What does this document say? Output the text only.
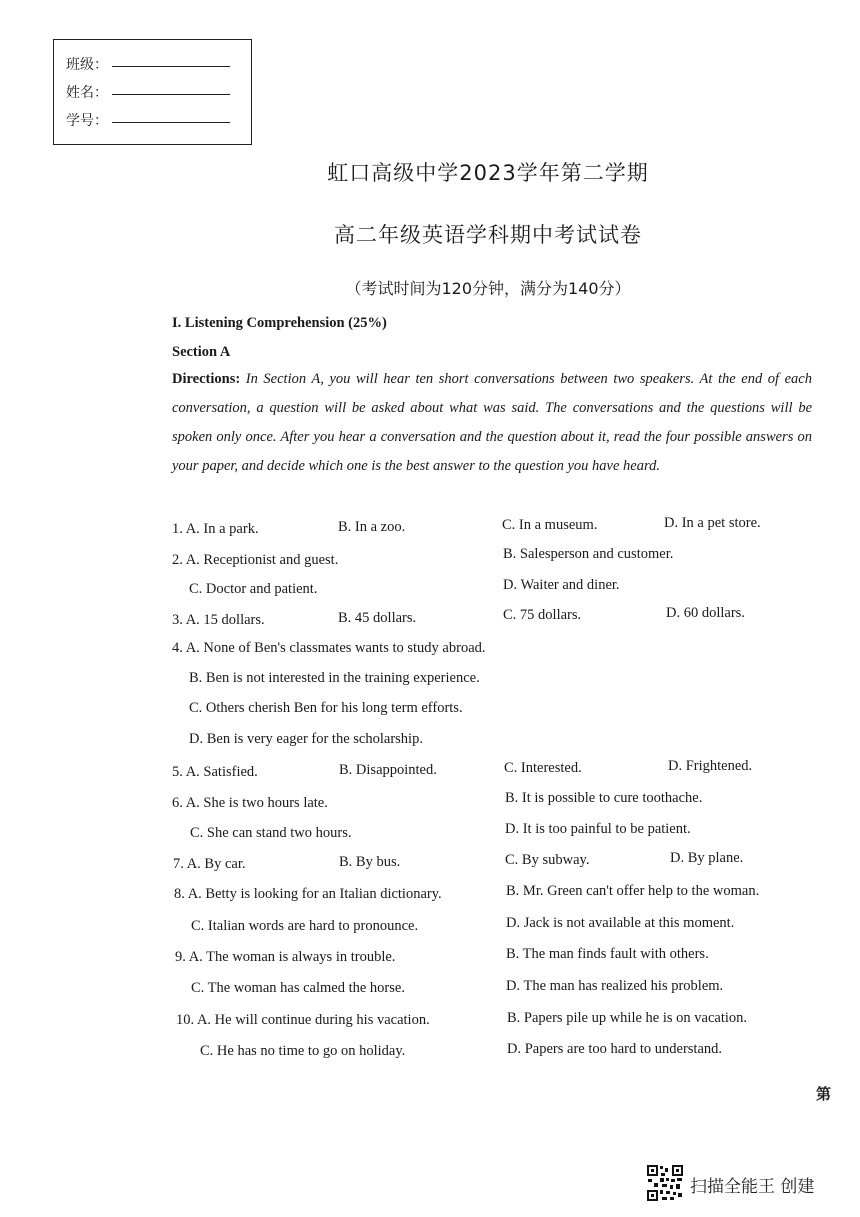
班级：
姓名：
学号：
虹口高级中学2023学年第二学期
高二年级英语学科期中考试试卷
（考试时间为120分钟，满分为140分）
I. Listening Comprehension (25%)
Section A
Directions: In Section A, you will hear ten short conversations between two speakers. At the end of each conversation, a question will be asked about what was said. The conversations and the questions will be spoken only once. After you hear a conversation and the question about it, read the four possible answers on your paper, and decide which one is the best answer to the question you have heard.
1. A. In a park.	B. In a zoo.	C. In a museum.	D. In a pet store.
2. A. Receptionist and guest.	B. Salesperson and customer.
C. Doctor and patient.	D. Waiter and diner.
3. A. 15 dollars.	B. 45 dollars.	C. 75 dollars.	D. 60 dollars.
4. A. None of Ben's classmates wants to study abroad.
B. Ben is not interested in the training experience.
C. Others cherish Ben for his long term efforts.
D. Ben is very eager for the scholarship.
5. A. Satisfied.	B. Disappointed.	C. Interested.	D. Frightened.
6. A. She is two hours late.	B. It is possible to cure toothache.
C. She can stand two hours.	D. It is too painful to be patient.
7. A. By car.	B. By bus.	C. By subway.	D. By plane.
8. A. Betty is looking for an Italian dictionary.	B. Mr. Green can't offer help to the woman.
C. Italian words are hard to pronounce.	D. Jack is not available at this moment.
9. A. The woman is always in trouble.	B. The man finds fault with others.
C. The woman has calmed the horse.	D. The man has realized his problem.
10. A. He will continue during his vacation.	B. Papers pile up while he is on vacation.
C. He has no time to go on holiday.	D. Papers are too hard to understand.
第
扫描全能王 创建
